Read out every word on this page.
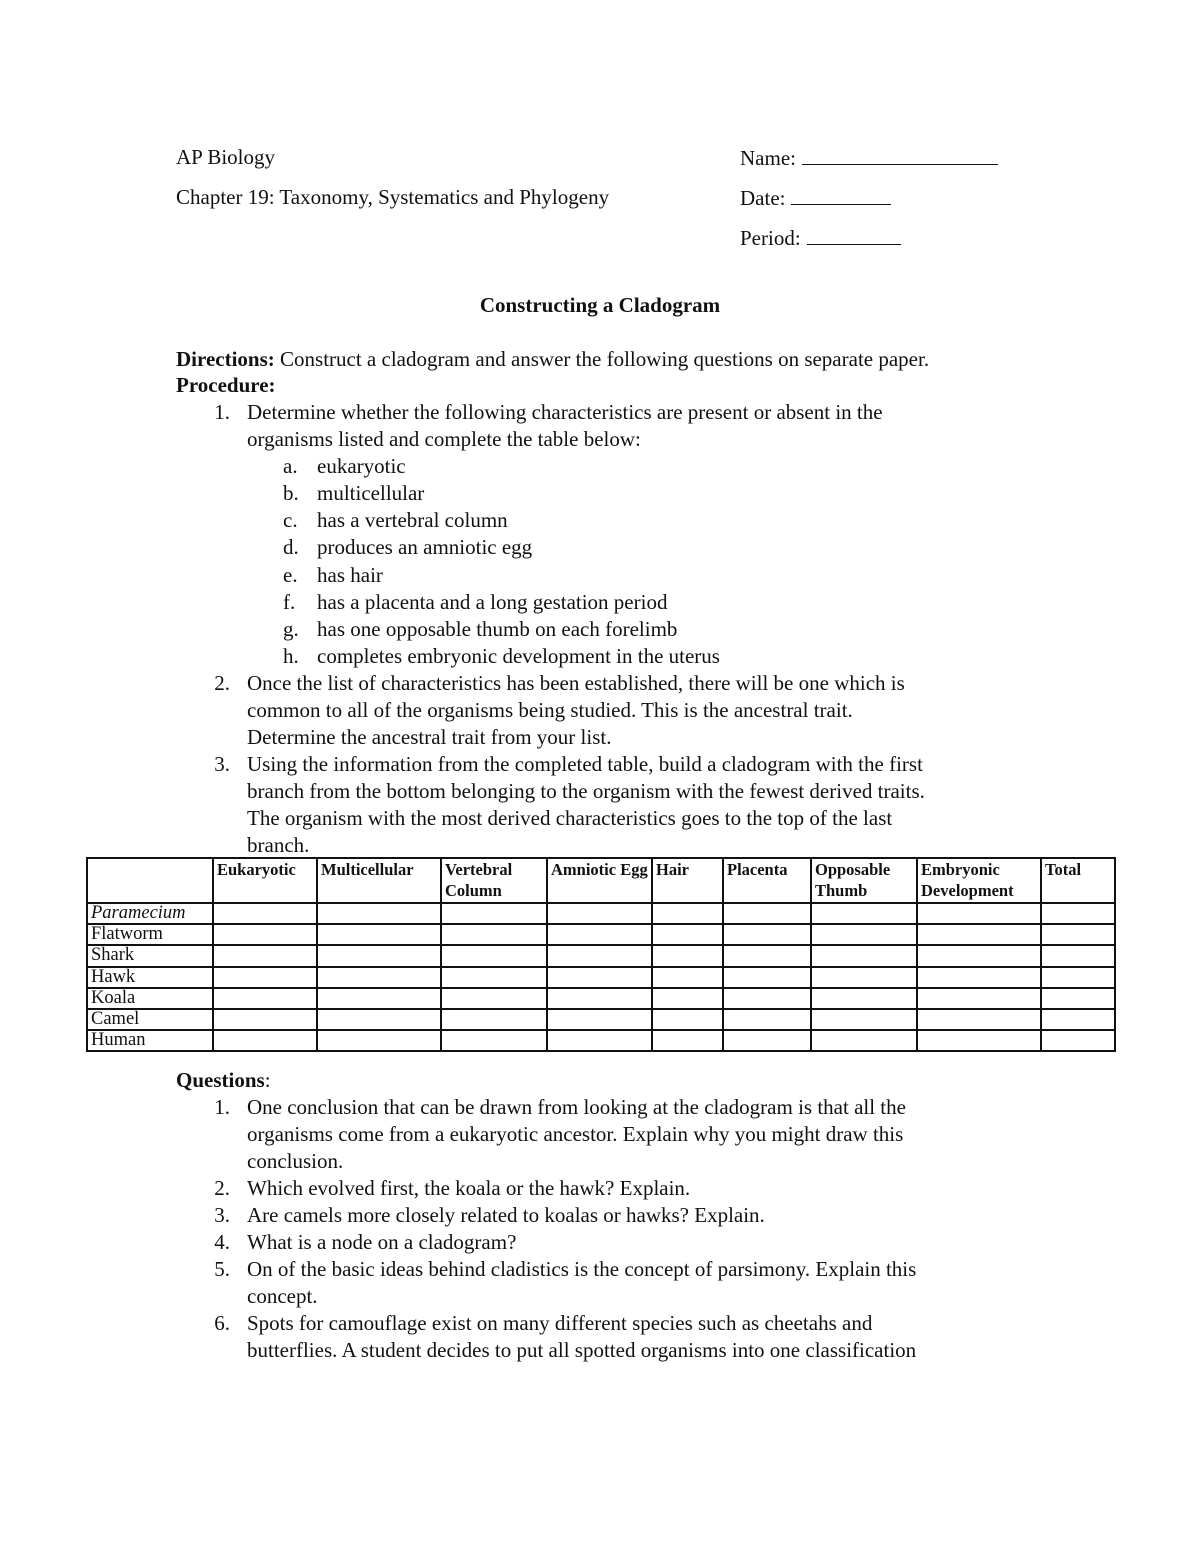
AP Biology
Chapter 19: Taxonomy, Systematics and Phylogeny
Name:
Date:
Period:
Constructing a Cladogram
Directions: Construct a cladogram and answer the following questions on separate paper.
Procedure:
1. Determine whether the following characteristics are present or absent in the
organisms listed and complete the table below:
a. eukaryotic
b. multicellular
c. has a vertebral column
d. produces an amniotic egg
e. has hair
f. has a placenta and a long gestation period
g. has one opposable thumb on each forelimb
h. completes embryonic development in the uterus
2. Once the list of characteristics has been established, there will be one which is
common to all of the organisms being studied. This is the ancestral trait.
Determine the ancestral trait from your list.
3. Using the information from the completed table, build a cladogram with the first
branch from the bottom belonging to the organism with the fewest derived traits.
The organism with the most derived characteristics goes to the top of the last
branch.
	Eukaryotic	Multicellular	Vertebral Column	Amniotic Egg	Hair	Placenta	Opposable Thumb	Embryonic Development	Total
Paramecium									
Flatworm									
Shark									
Hawk									
Koala									
Camel									
Human									
Questions:
1. One conclusion that can be drawn from looking at the cladogram is that all the
organisms come from a eukaryotic ancestor. Explain why you might draw this
conclusion.
2. Which evolved first, the koala or the hawk? Explain.
3. Are camels more closely related to koalas or hawks? Explain.
4. What is a node on a cladogram?
5. On of the basic ideas behind cladistics is the concept of parsimony. Explain this
concept.
6. Spots for camouflage exist on many different species such as cheetahs and
butterflies. A student decides to put all spotted organisms into one classification
